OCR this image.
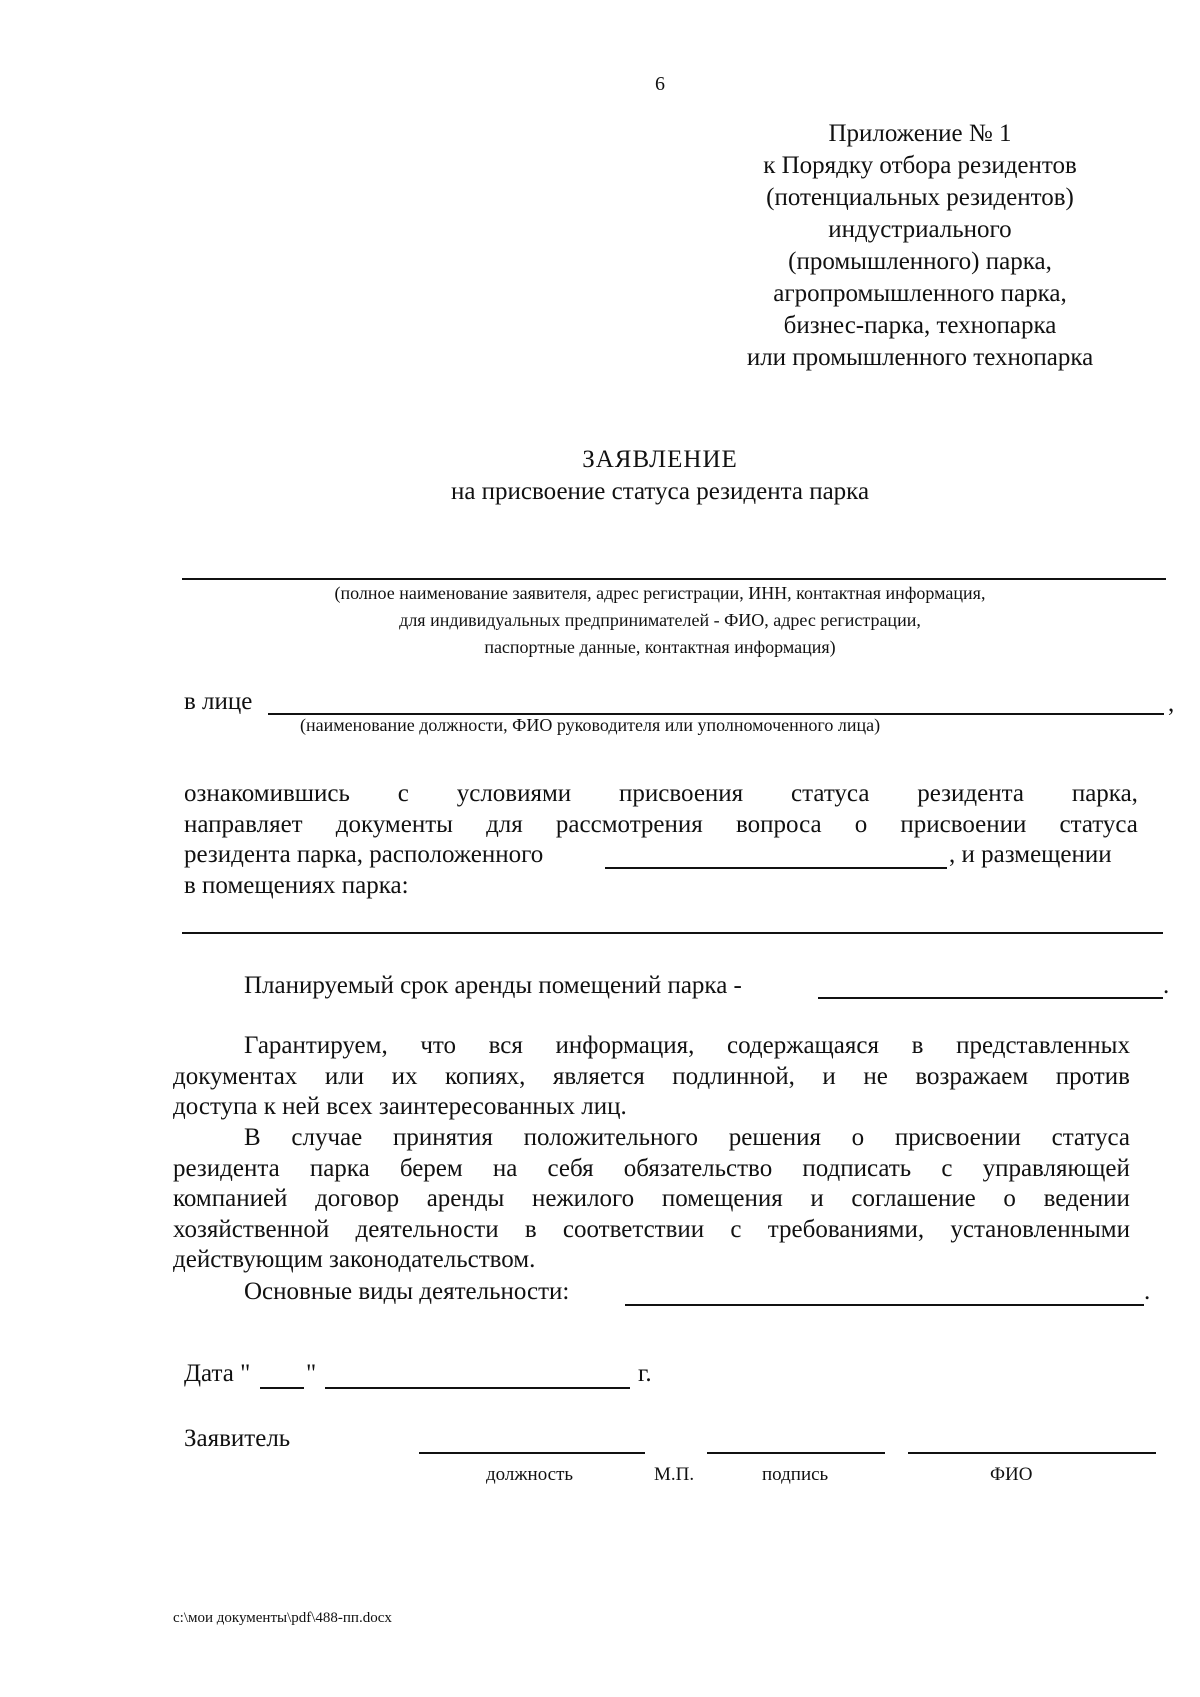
6
Приложение № 1
к Порядку отбора резидентов
(потенциальных резидентов)
индустриального
(промышленного) парка,
агропромышленного парка,
бизнес-парка, технопарка
или промышленного технопарка
ЗАЯВЛЕНИЕ
на присвоение статуса резидента парка
(полное наименование заявителя, адрес регистрации, ИНН, контактная информация,
для индивидуальных предпринимателей - ФИО, адрес регистрации,
паспортные данные, контактная информация)
в лице	,
(наименование должности, ФИО руководителя или уполномоченного лица)
ознакомившись с условиями присвоения статуса резидента парка,
направляет документы для рассмотрения вопроса о присвоении статуса
резидента парка, расположенного	, и размещении
в помещениях парка:
Планируемый срок аренды помещений парка -	.
Гарантируем, что вся информация, содержащаяся в представленных
документах или их копиях, является подлинной, и не возражаем против
доступа к ней всех заинтересованных лиц.
В случае принятия положительного решения о присвоении статуса
резидента парка берем на себя обязательство подписать с управляющей
компанией договор аренды нежилого помещения и соглашение о ведении
хозяйственной деятельности в соответствии с требованиями, установленными
действующим законодательством.
Основные виды деятельности:	.
Дата " "	г.
Заявитель
должность	М.П.	подпись	ФИО
c:\мои документы\pdf\488-пп.docx
